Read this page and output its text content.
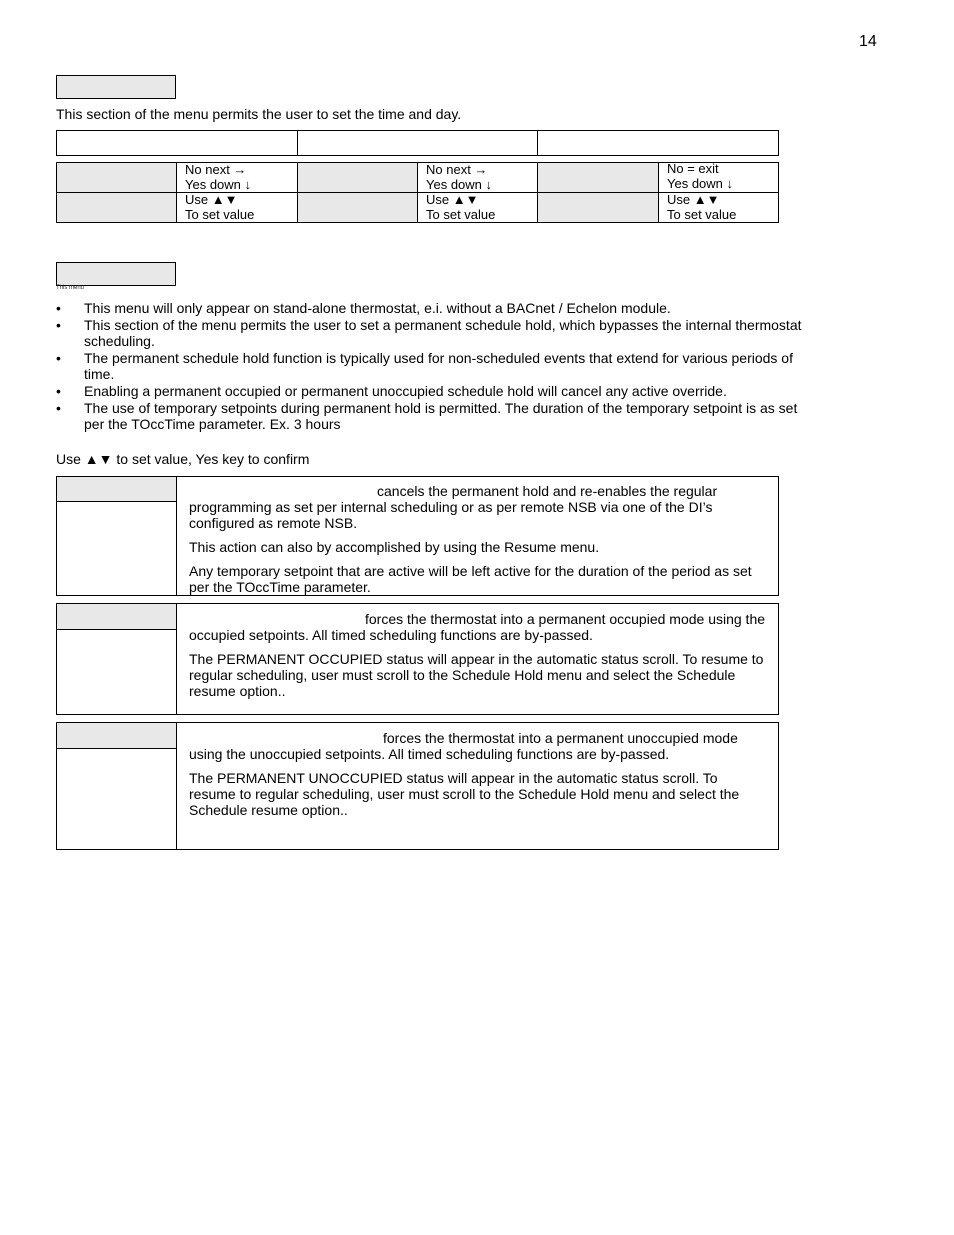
14
This section of the menu permits the user to set the time and day.
No next →
Yes down ↓
Use ▲▼
To set value
No next →
Yes down ↓
Use ▲▼
To set value
No = exit
Yes down ↓
Use ▲▼
To set value
This menu
• This menu will only appear on stand-alone thermostat, e.i. without a BACnet / Echelon module.
• This section of the menu permits the user to set a permanent schedule hold, which bypasses the internal thermostat scheduling.
• The permanent schedule hold function is typically used for non-scheduled events that extend for various periods of time.
• Enabling a permanent occupied or permanent unoccupied schedule hold will cancel any active override.
• The use of temporary setpoints during permanent hold is permitted. The duration of the temporary setpoint is as set per the TOccTime parameter. Ex. 3 hours
Use ▲▼ to set value, Yes key to confirm

cancels the permanent hold and re-enables the regular programming as set per internal scheduling or as per remote NSB via one of the DI’s configured as remote NSB.

This action can also by accomplished by using the Resume menu.

Any temporary setpoint that are active will be left active for the duration of the period as set per the TOccTime parameter.

forces the thermostat into a permanent occupied mode using the occupied setpoints. All timed scheduling functions are by-passed.

The PERMANENT OCCUPIED status will appear in the automatic status scroll. To resume to regular scheduling, user must scroll to the Schedule Hold menu and select the Schedule resume option..

forces the thermostat into a permanent unoccupied mode using the unoccupied setpoints. All timed scheduling functions are by-passed.

The PERMANENT UNOCCUPIED status will appear in the automatic status scroll. To resume to regular scheduling, user must scroll to the Schedule Hold menu and select the Schedule resume option..
